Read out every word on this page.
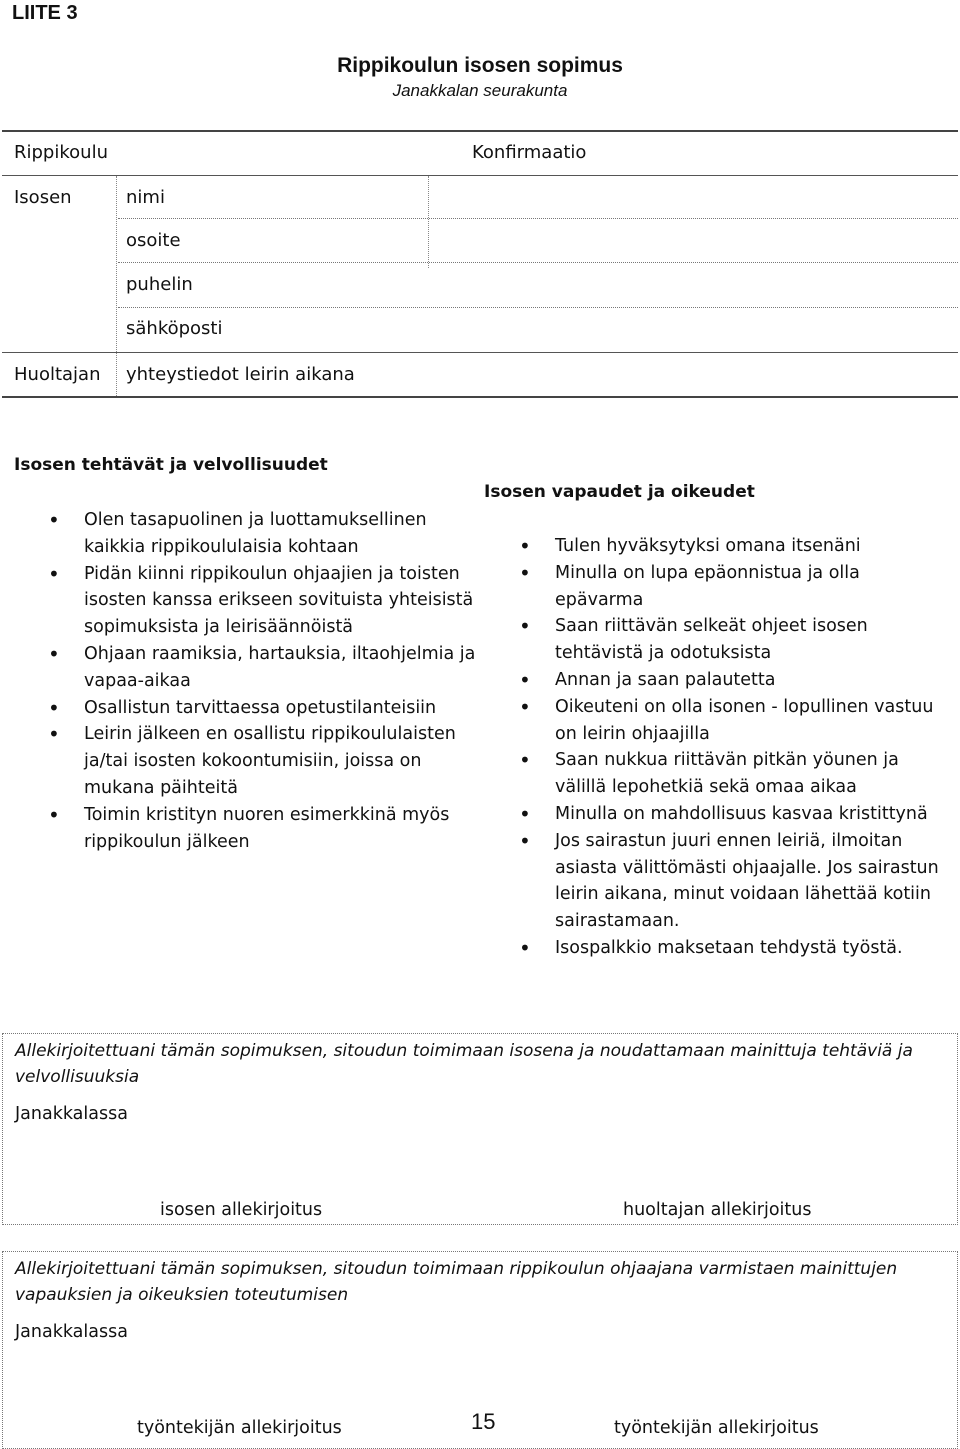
LIITE 3
Rippikoulun isosen sopimus
Janakkalan seurakunta
Rippikoulu	Konfirmaatio
Isosen	nimi
osoite
puhelin
sähköposti
Huoltajan yhteystiedot leirin aikana
Isosen tehtävät ja velvollisuudet
• Olen tasapuolinen ja luottamuksellinen kaikkia rippikoululaisia kohtaan
• Pidän kiinni rippikoulun ohjaajien ja toisten isosten kanssa erikseen sovituista yhteisistä sopimuksista ja leirisäännöistä
• Ohjaan raamiksia, hartauksia, iltaohjelmia ja vapaa-aikaa
• Osallistun tarvittaessa opetustilanteisiin
• Leirin jälkeen en osallistu rippikoululaisten ja/tai isosten kokoontumisiin, joissa on mukana päihteitä
• Toimin kristityn nuoren esimerkkinä myös rippikoulun jälkeen
Isosen vapaudet ja oikeudet
• Tulen hyväksytyksi omana itsenäni
• Minulla on lupa epäonnistua ja olla epävarma
• Saan riittävän selkeät ohjeet isosen tehtävistä ja odotuksista
• Annan ja saan palautetta
• Oikeuteni on olla isonen - lopullinen vastuu on leirin ohjaajilla
• Saan nukkua riittävän pitkän yöunen ja välillä lepohetkiä sekä omaa aikaa
• Minulla on mahdollisuus kasvaa kristittynä
• Jos sairastun juuri ennen leiriä, ilmoitan asiasta välittömästi ohjaajalle. Jos sairastun leirin aikana, minut voidaan lähettää kotiin sairastamaan.
• Isospalkkio maksetaan tehdystä työstä.
Allekirjoitettuani tämän sopimuksen, sitoudun toimimaan isosena ja noudattamaan mainittuja tehtäviä ja velvollisuuksia
Janakkalassa
isosen allekirjoitus	huoltajan allekirjoitus
Allekirjoitettuani tämän sopimuksen, sitoudun toimimaan rippikoulun ohjaajana varmistaen mainittujen vapauksien ja oikeuksien toteutumisen
Janakkalassa
työntekijän allekirjoitus	työntekijän allekirjoitus
15
